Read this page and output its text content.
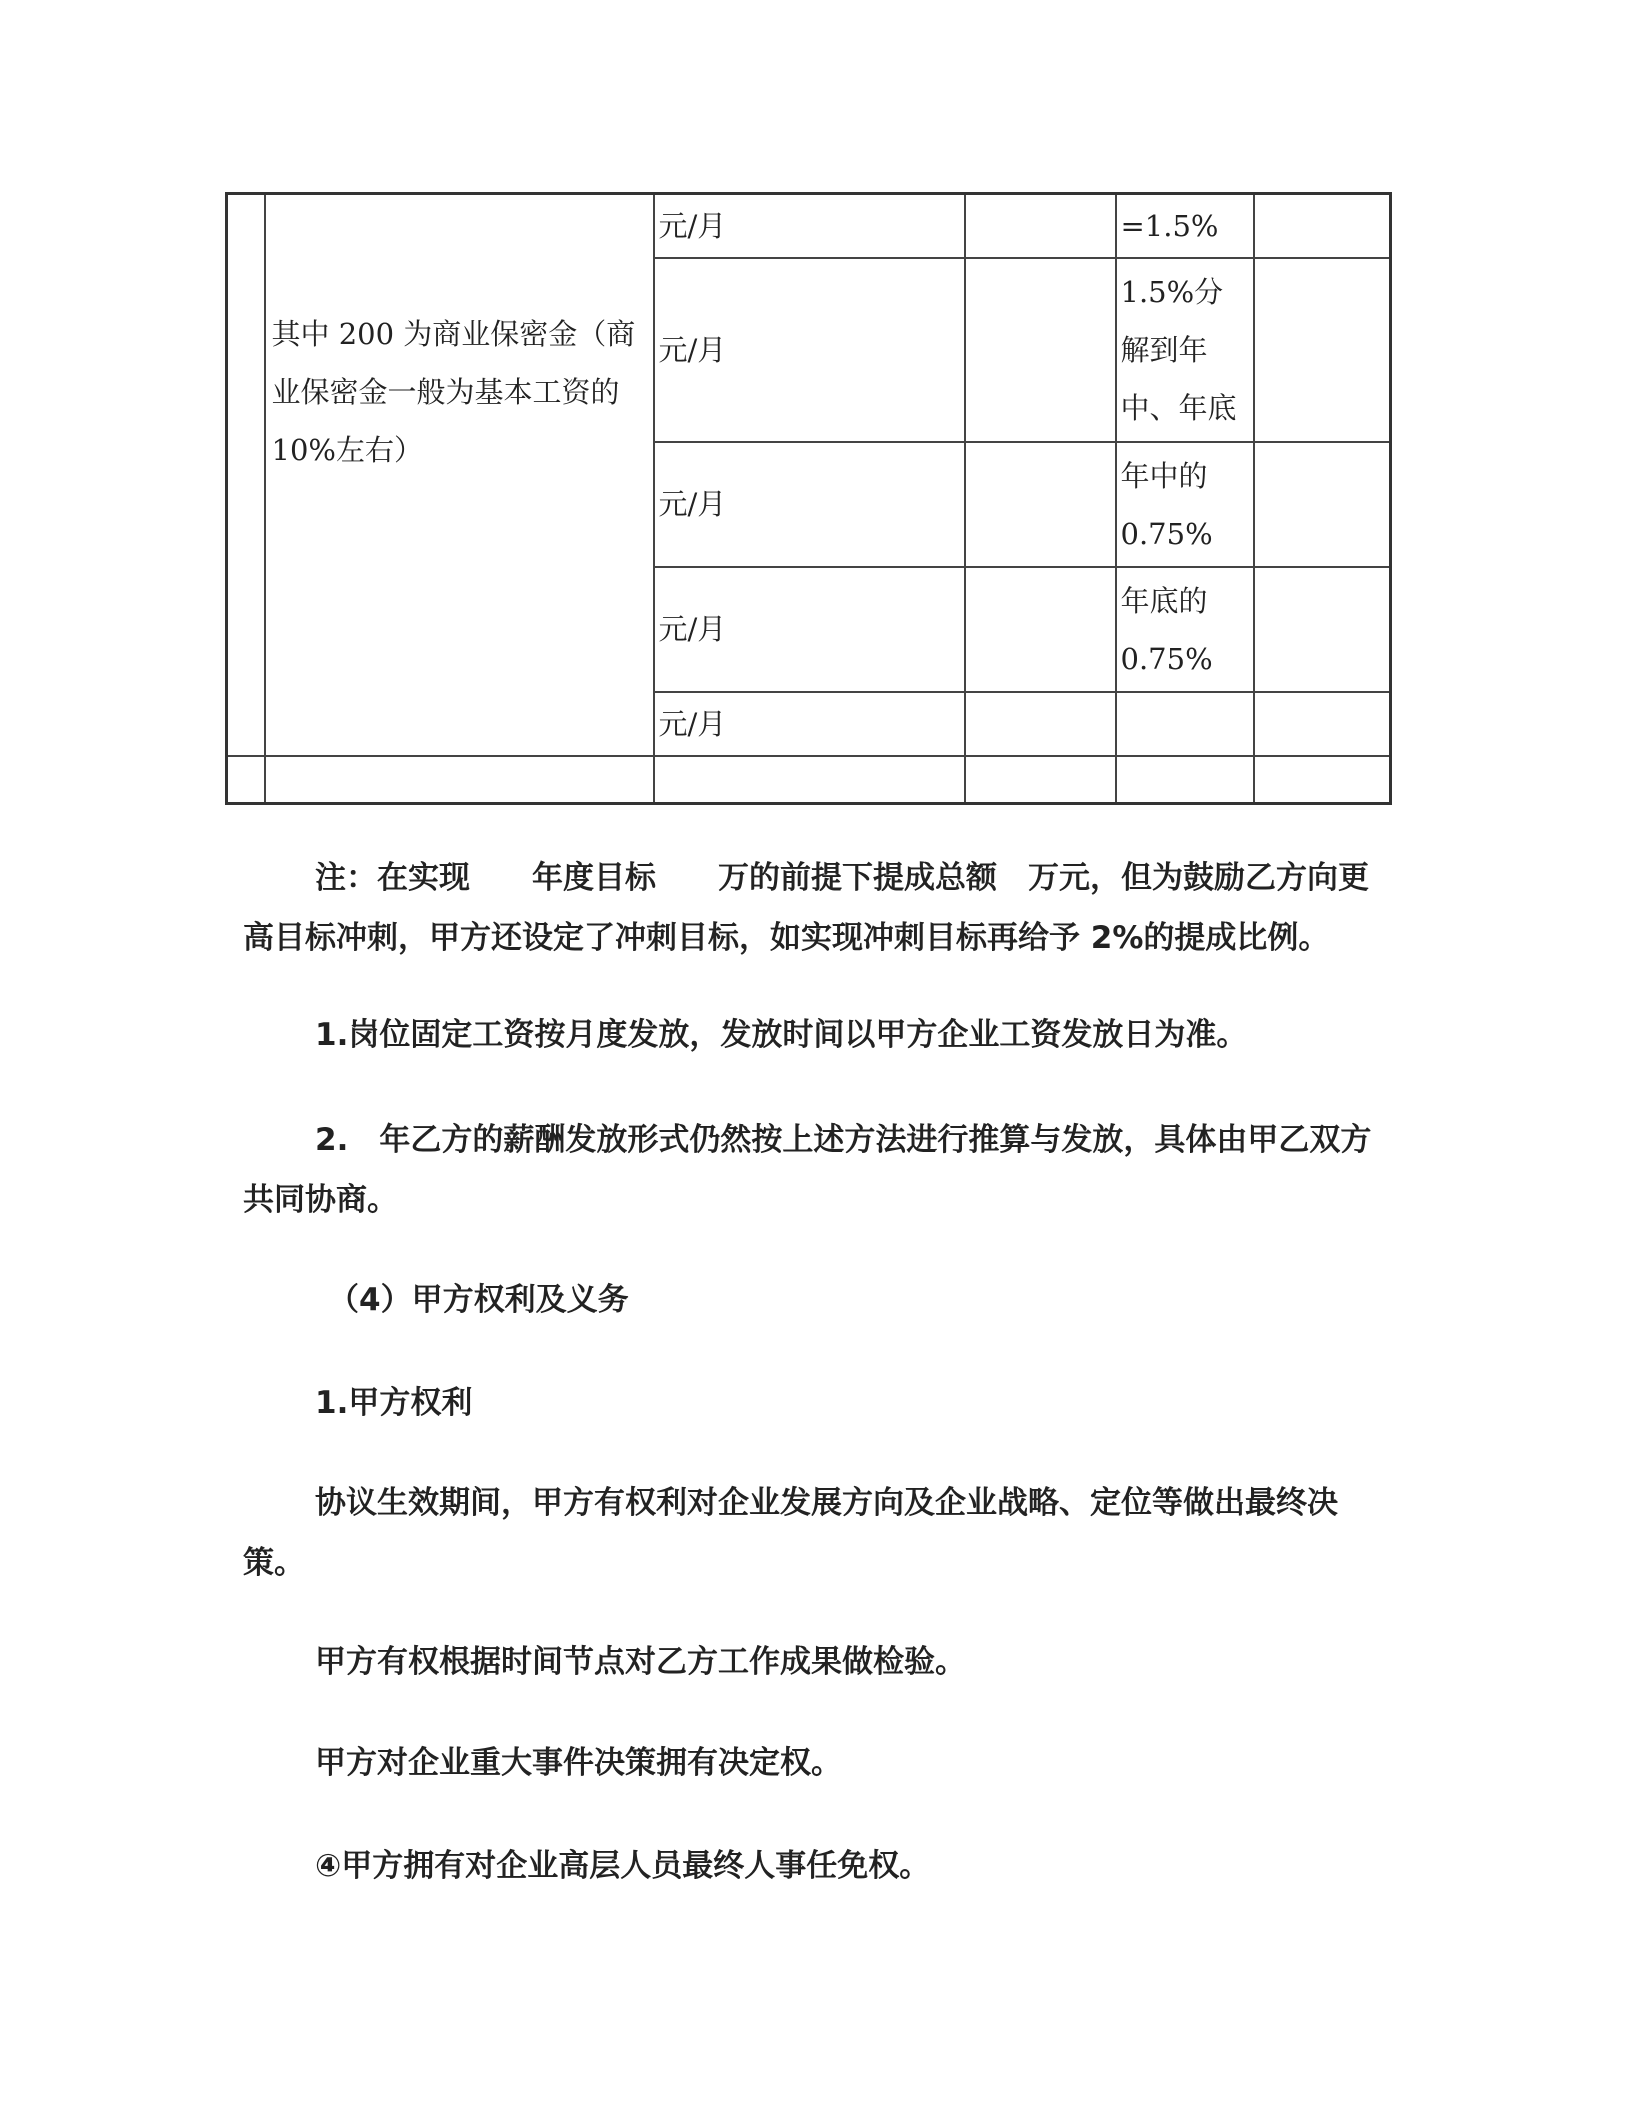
	其中 200 为商业保密金（商业保密金一般为基本工资的10%左右）	元/月		=1.5%	
		元/月		1.5%分解到年中、年底	
		元/月		年中的 0.75%	
		元/月		年底的 0.75%	
		元/月			

注：在实现　　年度目标　　万的前提下提成总额　万元，但为鼓励乙方向更高目标冲刺，甲方还设定了冲刺目标，如实现冲刺目标再给予 2%的提成比例。

1.岗位固定工资按月度发放，发放时间以甲方企业工资发放日为准。

2.　年乙方的薪酬发放形式仍然按上述方法进行推算与发放，具体由甲乙双方共同协商。

（4）甲方权利及义务

1.甲方权利

协议生效期间，甲方有权利对企业发展方向及企业战略、定位等做出最终决策。

甲方有权根据时间节点对乙方工作成果做检验。

甲方对企业重大事件决策拥有决定权。

④甲方拥有对企业高层人员最终人事任免权。
